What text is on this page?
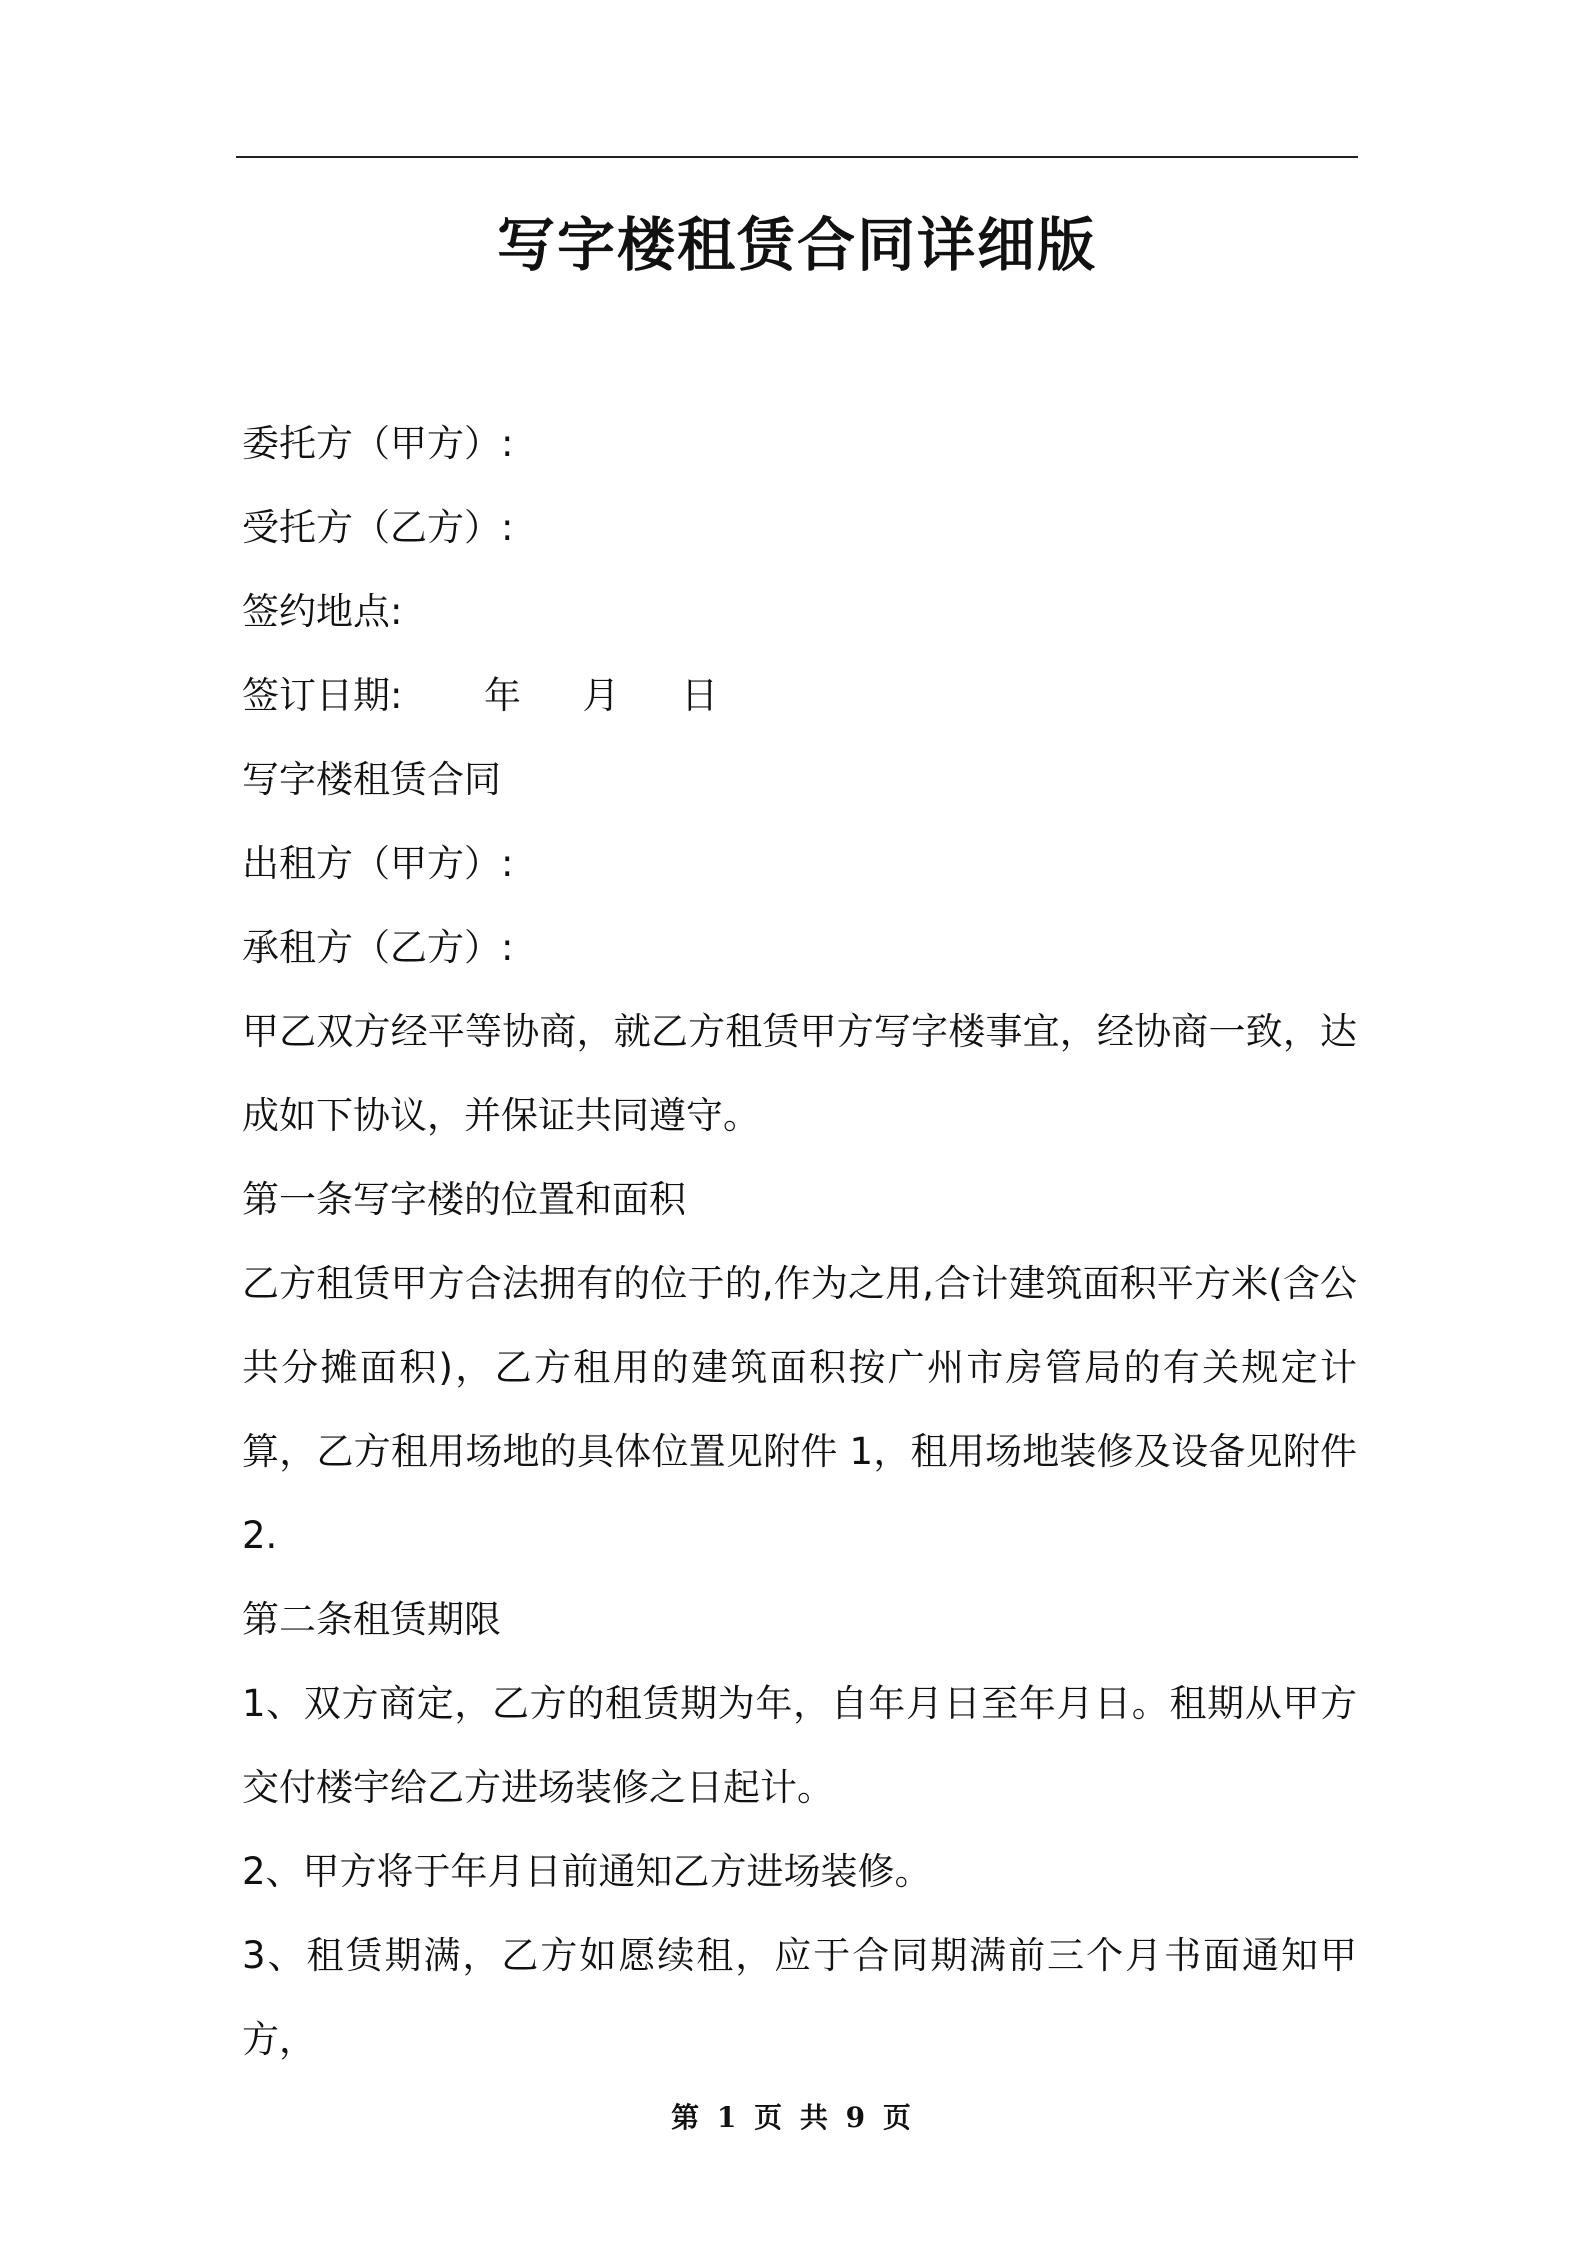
写字楼租赁合同详细版
委托方（甲方）:
受托方（乙方）:
签约地点:
签订日期: 年 月 日
写字楼租赁合同
出租方（甲方）:
承租方（乙方）:
甲乙双方经平等协商，就乙方租赁甲方写字楼事宜，经协商一致，达成如下协议，并保证共同遵守。
第一条写字楼的位置和面积
乙方租赁甲方合法拥有的位于的,作为之用,合计建筑面积平方米(含公共分摊面积)，乙方租用的建筑面积按广州市房管局的有关规定计算，乙方租用场地的具体位置见附件 1，租用场地装修及设备见附件 2.
第二条租赁期限
1、双方商定，乙方的租赁期为年，自年月日至年月日。租期从甲方交付楼宇给乙方进场装修之日起计。
2、甲方将于年月日前通知乙方进场装修。
3、租赁期满，乙方如愿续租，应于合同期满前三个月书面通知甲方，
第 1 页 共 9 页
